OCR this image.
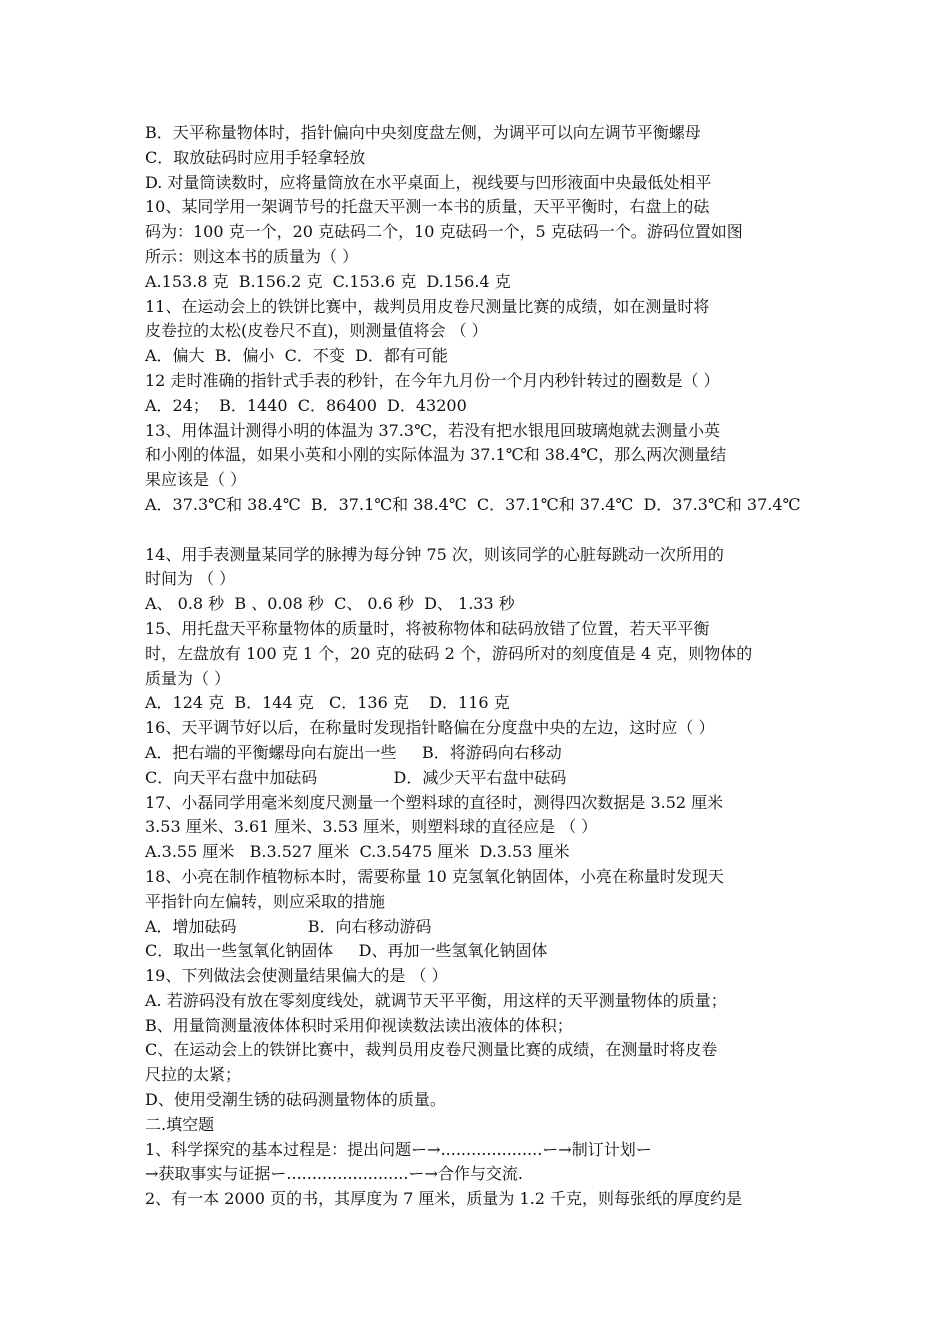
B．天平称量物体时，指针偏向中央刻度盘左侧，为调平可以向左调节平衡螺母
C．取放砝码时应用手轻拿轻放
D. 对量筒读数时，应将量筒放在水平桌面上，视线要与凹形液面中央最低处相平
10、某同学用一架调节号的托盘天平测一本书的质量，天平平衡时，右盘上的砝
码为：100 克一个，20 克砝码二个，10 克砝码一个，5 克砝码一个。游码位置如图
所示：则这本书的质量为（ ）
A.153.8 克  B.156.2 克  C.153.6 克  D.156.4 克
11、在运动会上的铁饼比赛中，裁判员用皮卷尺测量比赛的成绩，如在测量时将
皮卷拉的太松(皮卷尺不直)，则测量值将会 （ ）
A．偏大  B．偏小  C．不变  D．都有可能
12 走时准确的指针式手表的秒针，在今年九月份一个月内秒针转过的圈数是（ ）
A．24；  B．1440  C．86400  D．43200
13、用体温计测得小明的体温为 37.3℃，若没有把水银甩回玻璃炮就去测量小英
和小刚的体温，如果小英和小刚的实际体温为 37.1℃和 38.4℃，那么两次测量结
果应该是（ ）
A．37.3℃和 38.4℃  B．37.1℃和 38.4℃  C．37.1℃和 37.4℃  D．37.3℃和 37.4℃
14、用手表测量某同学的脉搏为每分钟 75 次，则该同学的心脏每跳动一次所用的
时间为 （ ）
A、 0.8 秒  B 、0.08 秒  C、 0.6 秒  D、 1.33 秒
15、用托盘天平称量物体的质量时，将被称物体和砝码放错了位置，若天平平衡
时，左盘放有 100 克 1 个，20 克的砝码 2 个，游码所对的刻度值是 4 克，则物体的
质量为（ ）
A．124 克  B．144 克   C．136 克    D．116 克
16、天平调节好以后，在称量时发现指针略偏在分度盘中央的左边，这时应（ ）
A．把右端的平衡螺母向右旋出一些     B．将游码向右移动
C．向天平右盘中加砝码               D．减少天平右盘中砝码
17、小磊同学用毫米刻度尺测量一个塑料球的直径时，测得四次数据是 3.52 厘米
3.53 厘米、3.61 厘米、3.53 厘米，则塑料球的直径应是 （ ）
A.3.55 厘米   B.3.527 厘米  C.3.5475 厘米  D.3.53 厘米
18、小亮在制作植物标本时，需要称量 10 克氢氧化钠固体，小亮在称量时发现天
平指针向左偏转，则应采取的措施
A．增加砝码              B．向右移动游码
C．取出一些氢氧化钠固体     D、再加一些氢氧化钠固体
19、下列做法会使测量结果偏大的是 （ ）
A. 若游码没有放在零刻度线处，就调节天平平衡，用这样的天平测量物体的质量；
B、用量筒测量液体体积时采用仰视读数法读出液体的体积；
C、在运动会上的铁饼比赛中，裁判员用皮卷尺测量比赛的成绩，在测量时将皮卷
尺拉的太紧；
D、使用受潮生锈的砝码测量物体的质量。
二.填空题
1、科学探究的基本过程是：提出问题ー→....................ー→制订计划ー
→获取事实与证据ー........................ー→合作与交流.
2、有一本 2000 页的书，其厚度为 7 厘米，质量为 1.2 千克，则每张纸的厚度约是
